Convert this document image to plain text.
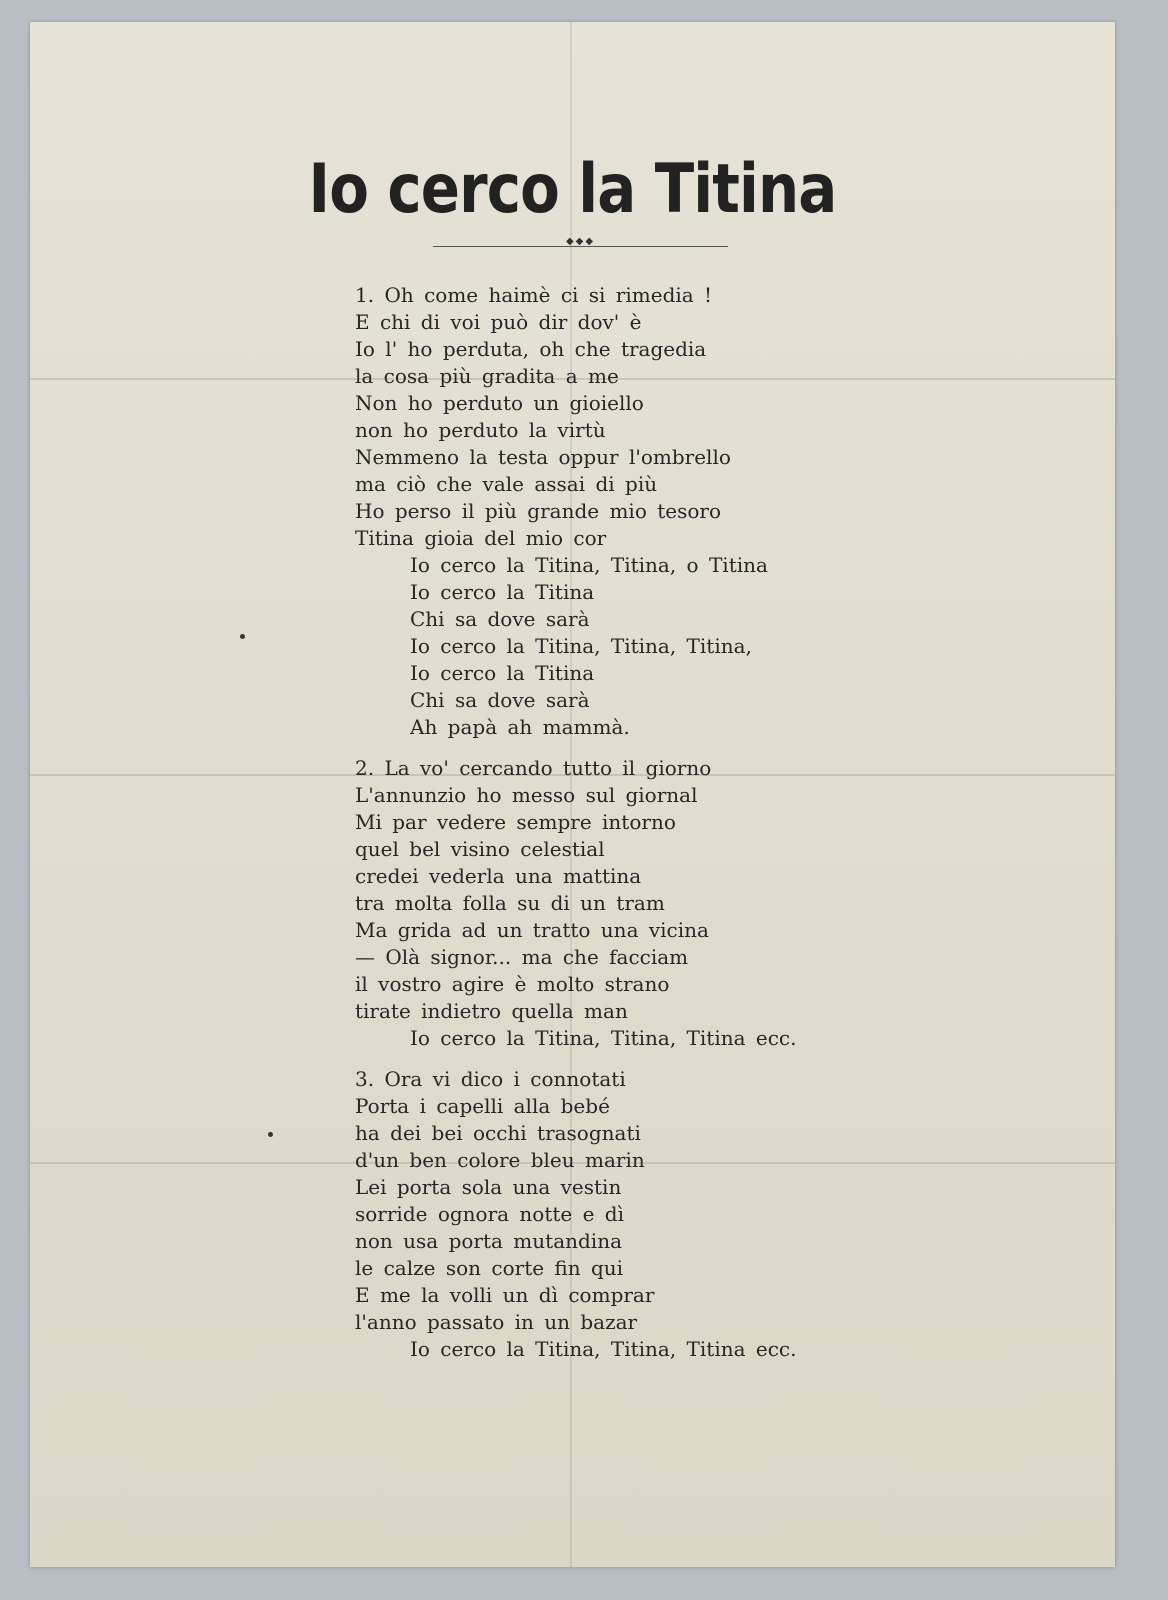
Io cerco la Titina
◆◆◆
1. Oh come haimè ci si rimedia !
E chi di voi può dir dov' è
Io l' ho perduta, oh che tragedia
la cosa più gradita a me
Non ho perduto un gioiello
non ho perduto la virtù
Nemmeno la testa oppur l'ombrello
ma ciò che vale assai di più
Ho perso il più grande mio tesoro
Titina gioia del mio cor
Io cerco la Titina, Titina, o Titina
Io cerco la Titina
Chi sa dove sarà
Io cerco la Titina, Titina, Titina,
Io cerco la Titina
Chi sa dove sarà
Ah papà ah mammà.
2. La vo' cercando tutto il giorno
L'annunzio ho messo sul giornal
Mi par vedere sempre intorno
quel bel visino celestial
credei vederla una mattina
tra molta folla su di un tram
Ma grida ad un tratto una vicina
— Olà signor... ma che facciam
il vostro agire è molto strano
tirate indietro quella man
Io cerco la Titina, Titina, Titina ecc.
3. Ora vi dico i connotati
Porta i capelli alla bebé
ha dei bei occhi trasognati
d'un ben colore bleu marin
Lei porta sola una vestin
sorride ognora notte e dì
non usa porta mutandina
le calze son corte fin qui
E me la volli un dì comprar
l'anno passato in un bazar
Io cerco la Titina, Titina, Titina ecc.
